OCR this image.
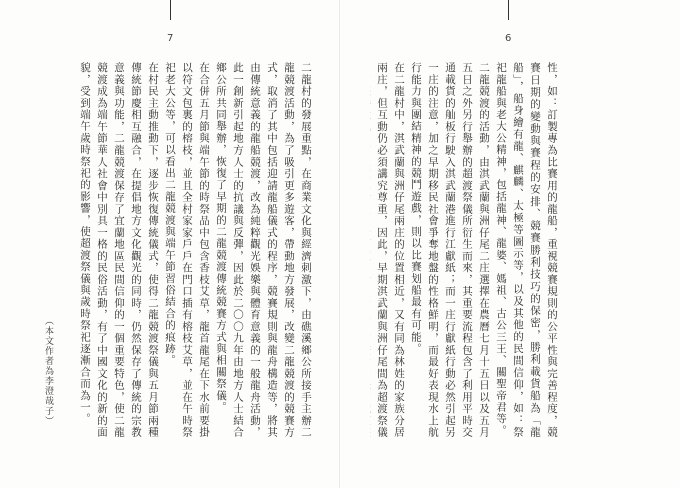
7
二龍村的發展重點，在商業文化與經濟刺激下，由礁溪鄉公所接手主辦二龍競渡活動，為了吸引更多遊客，帶動地方發展，改變二龍競渡的競賽方式，取消了其中包括迎請龍船儀式的程序，競賽規則與龍舟構造等，將其由傳統意義的龍船競渡，改為純粹觀光娛樂與體育意義的一般龍舟活動，此一創新引起地方人士的抗議與反彈，因此於二〇〇九年由地方人士結合鄉公所共同舉辦，恢復了早期的二龍競渡傳統競賽方式與相關祭儀。
在合併五月節與端午節的時祭品中包含香枝艾草，龍首龍尾在下水前要掛以符文包裏的榕枝，並且全村家家戶戶在門口插有榕枝艾草，並在午時祭祀老大公等，可以看出二龍競渡與端午節習俗結合的痕跡。
在村民主動推動下，逐步恢復傳統儀式，使得二龍競渡祭儀與五月節兩種傳統節慶相互融合，在提倡地方文化觀光的同時，仍然保存了傳統的宗教意義與功能，二龍競渡保存了宜蘭地區民間信仰的一個重要特色，使二龍競渡成為端午節華人社會中別具一格的民俗活動，有了中國文化的新的面貌，受到端午歲時祭祀的影響，使超渡祭儀與歲時祭祀逐漸合而為一。
（本文作者為李澄哉子）
6
性，如：訂製專為比賽用的龍船，重視競賽規則的公平性與完善程度，競賽日期的變動與賽程的安排、競賽勝利技巧的保密，勝利載貨船為「龍船」，船身繪有龍、麒麟、太極等圖示等，以及其他的民間信仰，如：祭祀龍船與老大公精神，包括龍神、龍婆、媽祖、古公三王、關聖帝君等。
二龍競渡的活動，由淇武蘭與洲仔尾二庄選擇在農曆七月十五日以及五月五日之外另行舉辦的超渡祭儀所衍生而來，其重要流程包含了利用平時交通載貨的舢板行駛入淇武蘭港進行江獻紙；而一庄行獻紙行動必然引起另一庄的注意，加之早期移民社會爭奪地盤的性格鮮明，而最好表現水上航行能力與團結精神的競鬥遊戲，則以比賽划船最有可能。
在二龍村中，淇武蘭與洲仔尾兩庄的位置相近，又有同為林姓的家族分居兩庄，但互動仍必須講究尊重，因此，早期淇武蘭與洲仔尾間為超渡祭儀
